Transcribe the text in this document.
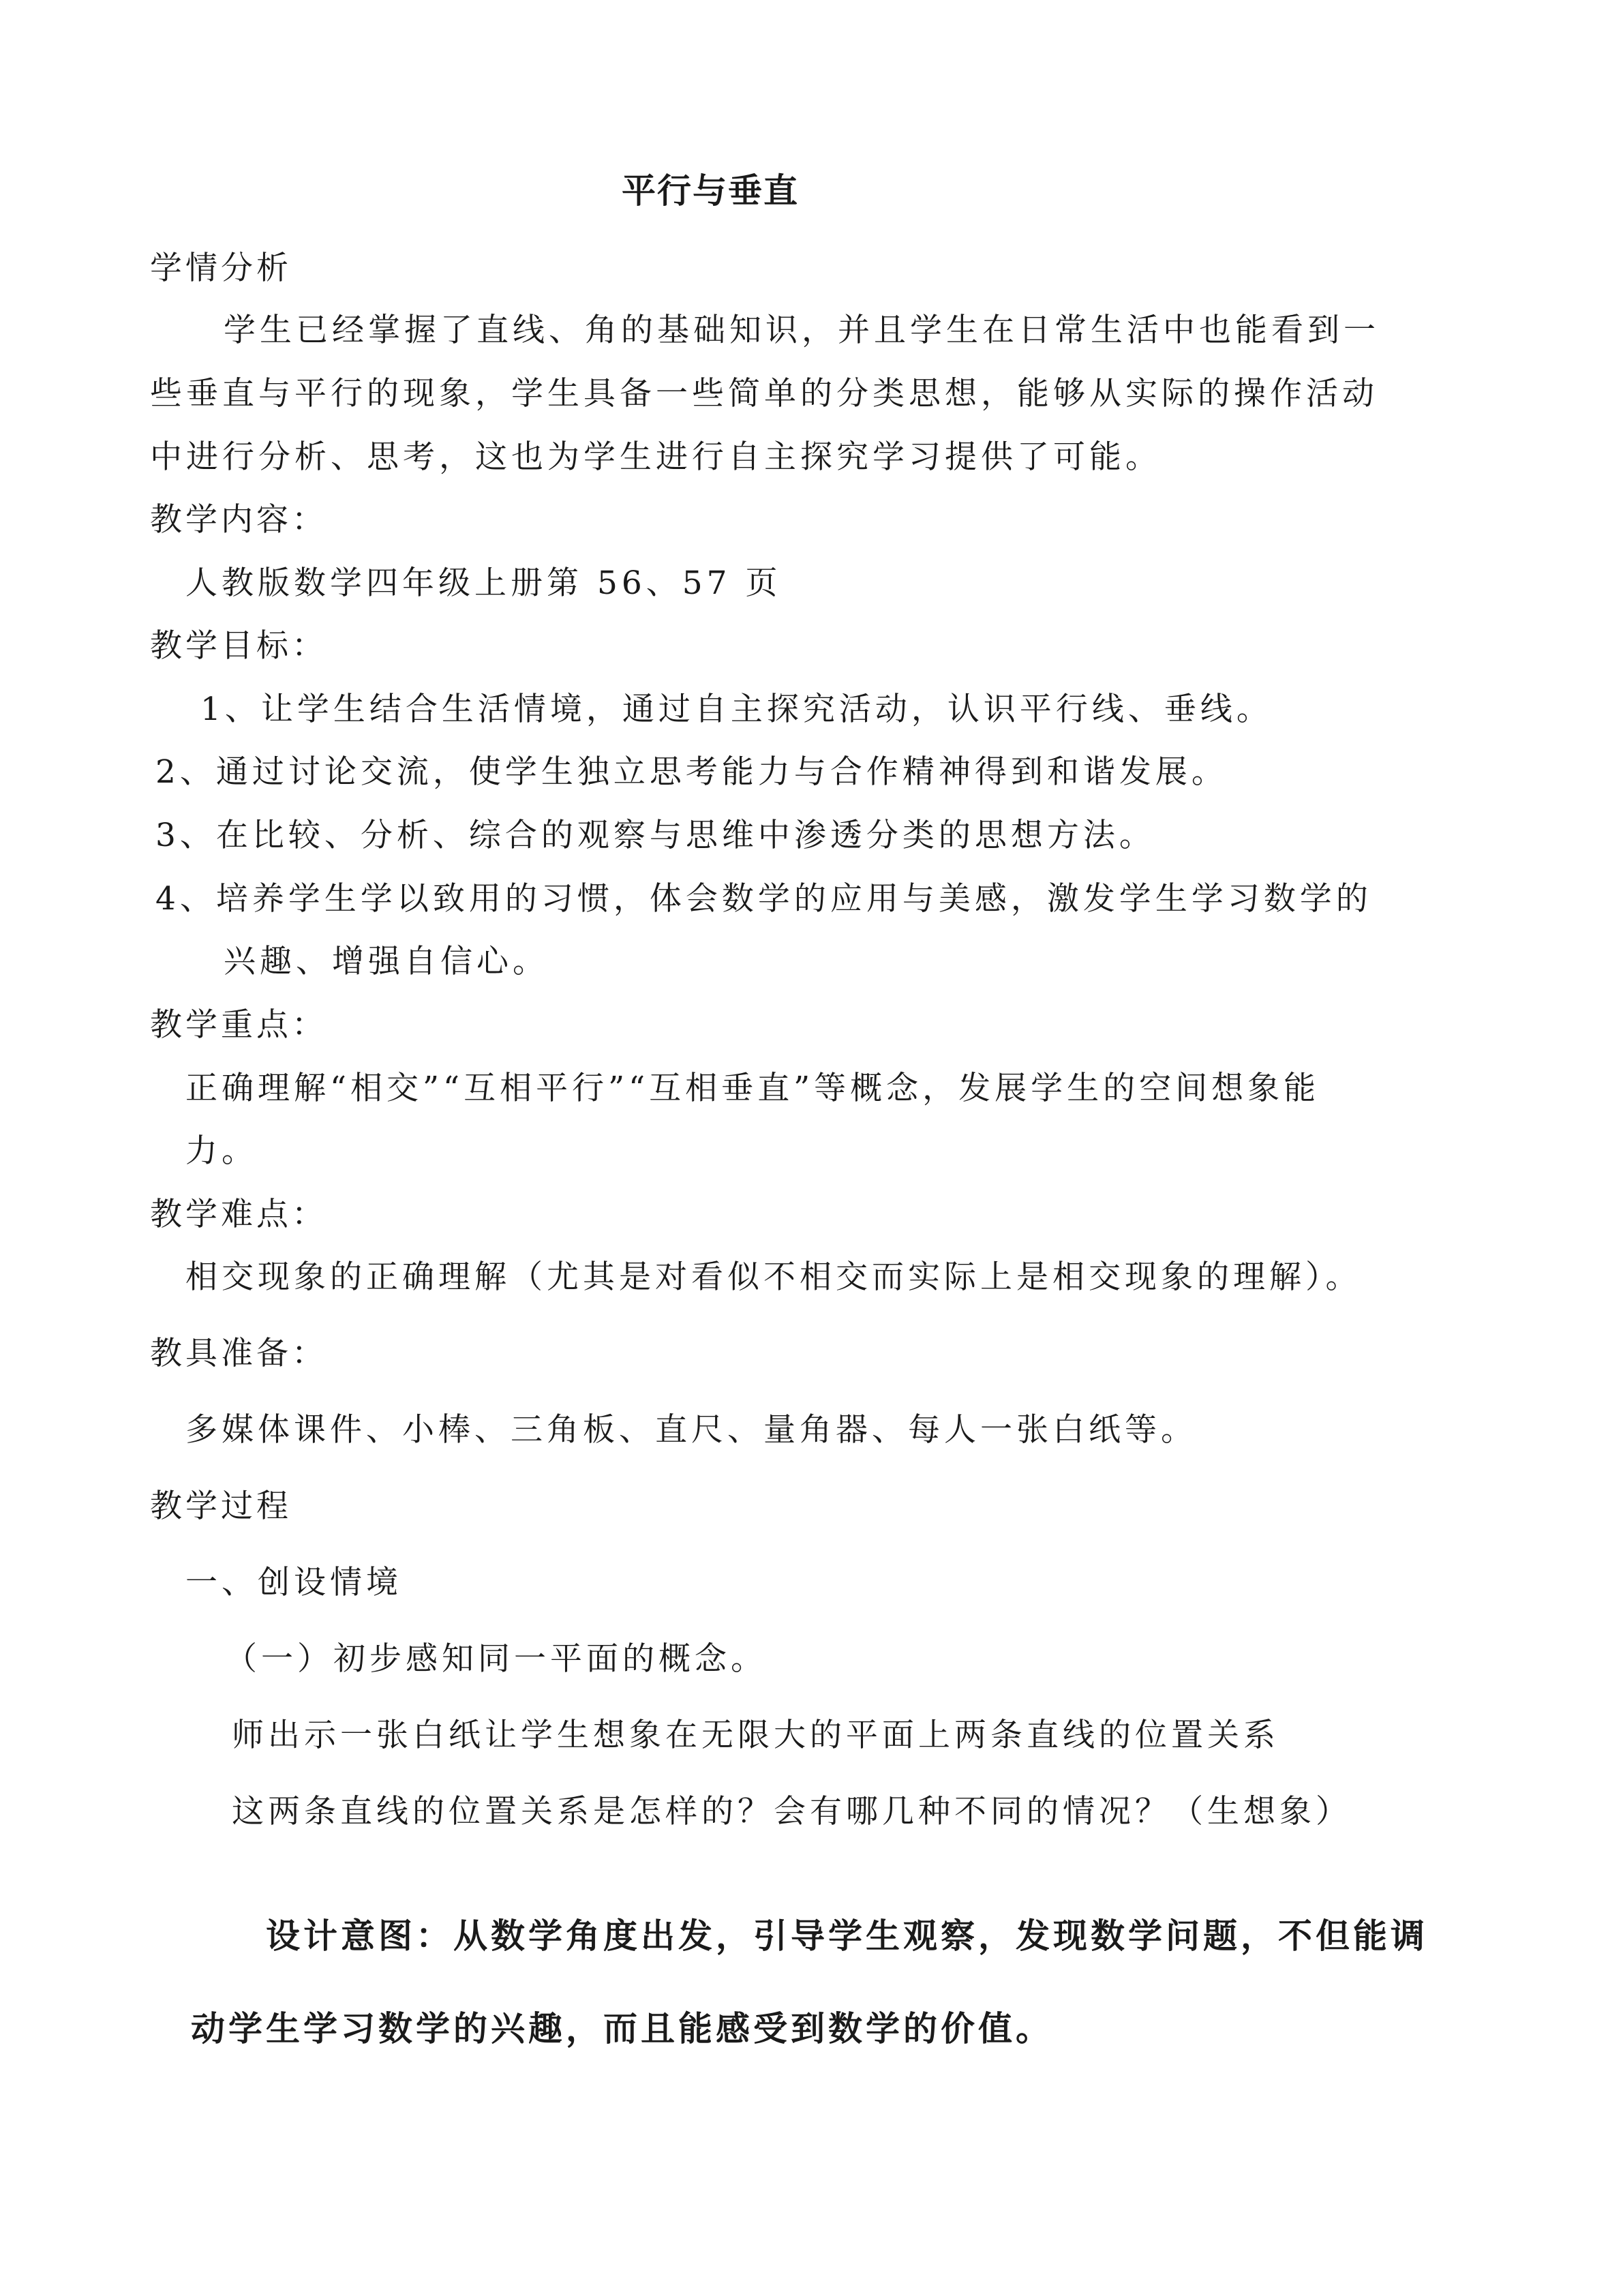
平行与垂直
学情分析
学生已经掌握了直线、角的基础知识，并且学生在日常生活中也能看到一
些垂直与平行的现象，学生具备一些简单的分类思想，能够从实际的操作活动
中进行分析、思考，这也为学生进行自主探究学习提供了可能。
教学内容：
人教版数学四年级上册第 56、57 页
教学目标：
1、让学生结合生活情境，通过自主探究活动，认识平行线、垂线。
2、通过讨论交流，使学生独立思考能力与合作精神得到和谐发展。
3、在比较、分析、综合的观察与思维中渗透分类的思想方法。
4、培养学生学以致用的习惯，体会数学的应用与美感，激发学生学习数学的
兴趣、增强自信心。
教学重点：
正确理解“相交”“互相平行”“互相垂直”等概念，发展学生的空间想象能
力。
教学难点：
相交现象的正确理解（尤其是对看似不相交而实际上是相交现象的理解）。
教具准备：
多媒体课件、小棒、三角板、直尺、量角器、每人一张白纸等。
教学过程
一、创设情境
（一）初步感知同一平面的概念。
师出示一张白纸让学生想象在无限大的平面上两条直线的位置关系
这两条直线的位置关系是怎样的？会有哪几种不同的情况？（生想象）
设计意图：从数学角度出发，引导学生观察，发现数学问题，不但能调
动学生学习数学的兴趣，而且能感受到数学的价值。
